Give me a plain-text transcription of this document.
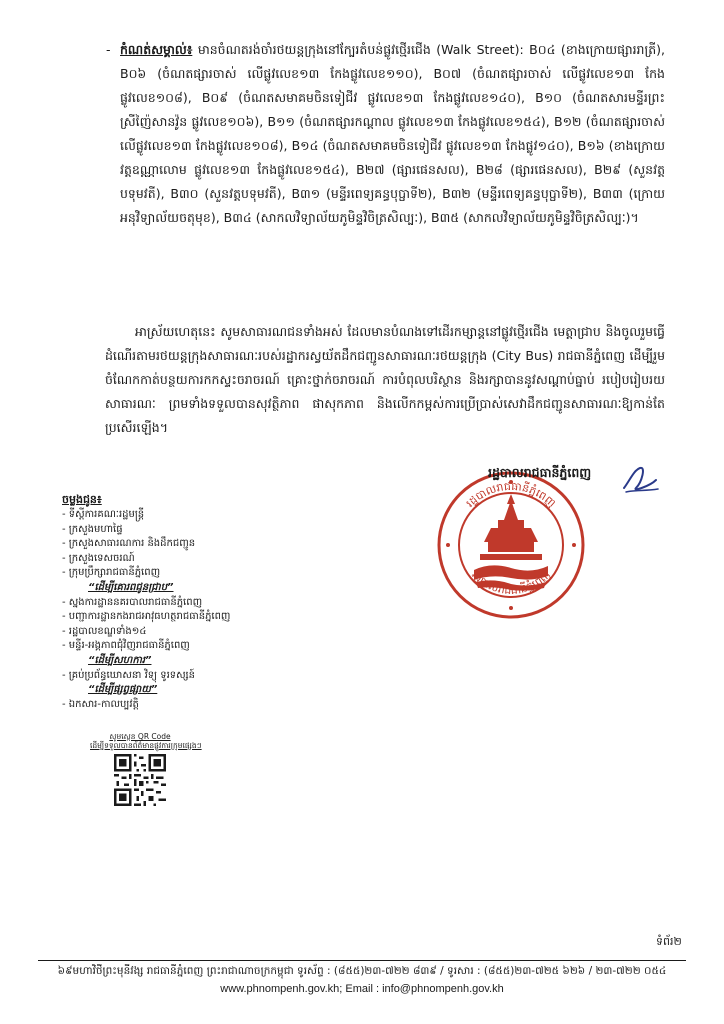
- កំណត់សម្គាល់៖ មានចំណតរង់ចាំរថយន្តក្រុងនៅក្បែរតំបន់ផ្លូវថ្មើរជើង (Walk Street): B០៤ (ខាងក្រោយផ្សាររាត្រី), B០៦ (ចំណតផ្សារចាស់ លើផ្លូវលេខ១៣ កែងផ្លូវលេខ១១០), B០៧ (ចំណតផ្សារចាស់ លើផ្លូវលេខ១៣ កែងផ្លូវលេខ១០៨), B០៩ (ចំណតសមាគមចិនទៀជីវ ផ្លូវលេខ១៣ កែងផ្លូវលេខ១៤០), B១០ (ចំណតសារមន្ទីរព្រះស្រីញ៉ៃសានវ៉ូន ផ្លូវលេខ១០៦), B១១ (ចំណតផ្សារកណ្តាល ផ្លូវលេខ១៣ កែងផ្លូវលេខ១៥៤), B១២ (ចំណតផ្សារចាស់ លើផ្លូវលេខ១៣ កែងផ្លូវលេខ១០៨), B១៤ (ចំណតសមាគមចិនទៀជីវ ផ្លូវលេខ១៣ កែងផ្លូវ១៤០), B១៦ (ខាងក្រោយវត្តឧណ្ណាលោម ផ្លូវលេខ១៣ កែងផ្លូវលេខ១៥៤), B២៧ (ផ្សារផេនសល), B២៨ (ផ្សារផេនសល), B២៩ (សួនវត្តបទុមវតី), B៣០ (សួនវត្តបទុមវតី), B៣១ (មន្ទីរពេទ្យគន្ធបុប្ផាទី២), B៣២ (មន្ទីរពេទ្យគន្ធបុប្ផាទី២), B៣៣ (ក្រោយអនុវិទ្យាល័យចតុមុខ), B៣៤ (សាកលវិទ្យាល័យភូមិន្ទវិចិត្រសិល្បៈ), B៣៥ (សាកលវិទ្យាល័យភូមិន្ទវិចិត្រសិល្បៈ)។
អាស្រ័យហេតុនេះ សូមសាធារណជនទាំងអស់ ដែលមានបំណងទៅដើរកម្សាន្តនៅផ្លូវថ្មើរជើង មេត្តាជ្រាប និងចូលរួមធ្វើដំណើរតាមរថយន្តក្រុងសាធារណៈរបស់រដ្ឋាករស្វយ័តដឹកជញ្ជូនសាធារណៈរថយន្តក្រុង (City Bus) រាជធានីភ្នំពេញ ដើម្បីរួមចំណែកកាត់បន្ថយការកកស្ទះចរាចរណ៍ គ្រោះថ្នាក់ចរាចរណ៍ ការបំពុលបរិស្ថាន និងរក្សាបាននូវសណ្តាប់ធ្នាប់ របៀបរៀបរយសាធារណៈ ព្រមទាំងទទួលបានសុវត្ថិភាព ផាសុកភាព និងលើកកម្ពស់ការប្រើប្រាស់សេវាដឹកជញ្ជូនសាធារណៈឱ្យកាន់តែប្រសើរឡើង។
រដ្ឋបាលរាជធានីភ្នំពេញ
រដ្ឋបាលរាជធានីភ្នំពេញ
រដ្ឋបាលរាជធានីភ្នំពេញ
ចម្លងជូន៖
- ទីស្តីការគណៈរដ្ឋមន្ត្រី
- ក្រសួងមហាផ្ទៃ
- ក្រសួងសាធារណការ និងដឹកជញ្ជូន
- ក្រសួងទេសចរណ៍
- ក្រុមប្រឹក្សារាជធានីភ្នំពេញ
“ដើម្បីគោរពជូនជ្រាប”
- ស្នងការដ្ឋាននគរបាលរាជធានីភ្នំពេញ
- បញ្ជាការដ្ឋានកងរាជអាវុធហត្ថរាជធានីភ្នំពេញ
- រដ្ឋបាលខណ្ឌទាំង១៤
- មន្ទីរ-អង្គភាពជុំវិញរាជធានីភ្នំពេញ
“ដើម្បីសហការ”
- គ្រប់ប្រព័ន្ធឃោសនា វិទ្យុ ទូរទស្សន៍
“ដើម្បីផ្សព្វផ្សាយ”
- ឯកសារ-កាលប្បវត្តិ
សូមស្កេន QR Code
ដើម្បីទទួលបានព័ត៌មានផ្លូវការក្រុមផ្សេងៗ
ទំព័រ២
៦៩មហាវិថីព្រះមុនីវង្ស រាជធានីភ្នំពេញ ព្រះរាជាណាចក្រកម្ពុជា ទូរស័ព្ទ : (៨៥៥)២៣-៧២២ ៨៣៩ / ទូរសារ : (៨៥៥)២៣-៧២៥ ៦២៦ / ២៣-៧២២ ០៥៤
www.phnompenh.gov.kh; Email : info@phnompenh.gov.kh
